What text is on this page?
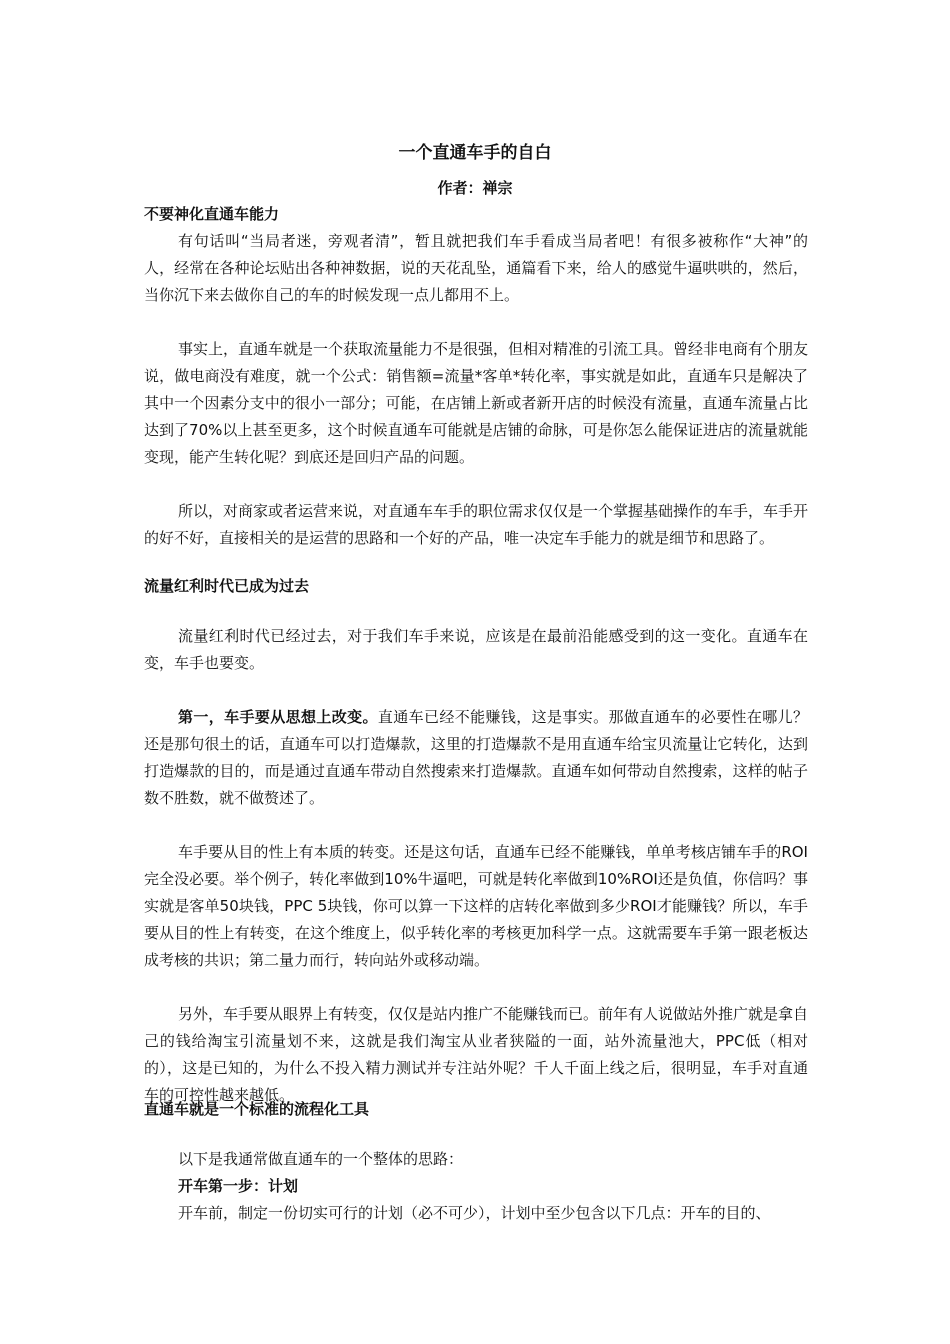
一个直通车手的自白
作者：禅宗

不要神化直通车能力

有句话叫“当局者迷，旁观者清”，暂且就把我们车手看成当局者吧！有很多被称作“大神”的人，经常在各种论坛贴出各种神数据，说的天花乱坠，通篇看下来，给人的感觉牛逼哄哄的，然后，当你沉下来去做你自己的车的时候发现一点儿都用不上。

事实上，直通车就是一个获取流量能力不是很强，但相对精准的引流工具。曾经非电商有个朋友说，做电商没有难度，就一个公式：销售额=流量*客单*转化率，事实就是如此，直通车只是解决了其中一个因素分支中的很小一部分；可能，在店铺上新或者新开店的时候没有流量，直通车流量占比达到了70%以上甚至更多，这个时候直通车可能就是店铺的命脉，可是你怎么能保证进店的流量就能变现，能产生转化呢？到底还是回归产品的问题。

所以，对商家或者运营来说，对直通车车手的职位需求仅仅是一个掌握基础操作的车手，车手开的好不好，直接相关的是运营的思路和一个好的产品，唯一决定车手能力的就是细节和思路了。

流量红利时代已成为过去

流量红利时代已经过去，对于我们车手来说，应该是在最前沿能感受到的这一变化。直通车在变，车手也要变。

第一，车手要从思想上改变。直通车已经不能赚钱，这是事实。那做直通车的必要性在哪儿？还是那句很土的话，直通车可以打造爆款，这里的打造爆款不是用直通车给宝贝流量让它转化，达到打造爆款的目的，而是通过直通车带动自然搜索来打造爆款。直通车如何带动自然搜索，这样的帖子数不胜数，就不做赘述了。

车手要从目的性上有本质的转变。还是这句话，直通车已经不能赚钱，单单考核店铺车手的ROI完全没必要。举个例子，转化率做到10%牛逼吧，可就是转化率做到10%ROI还是负值，你信吗？事实就是客单50块钱，PPC 5块钱，你可以算一下这样的店转化率做到多少ROI才能赚钱？所以，车手要从目的性上有转变，在这个维度上，似乎转化率的考核更加科学一点。这就需要车手第一跟老板达成考核的共识；第二量力而行，转向站外或移动端。

另外，车手要从眼界上有转变，仅仅是站内推广不能赚钱而已。前年有人说做站外推广就是拿自己的钱给淘宝引流量划不来，这就是我们淘宝从业者狭隘的一面，站外流量池大，PPC低（相对的），这是已知的，为什么不投入精力测试并专注站外呢？千人千面上线之后，很明显，车手对直通车的可控性越来越低。

直通车就是一个标准的流程化工具

以下是我通常做直通车的一个整体的思路：

开车第一步：计划

开车前，制定一份切实可行的计划（必不可少），计划中至少包含以下几点：开车的目的、
